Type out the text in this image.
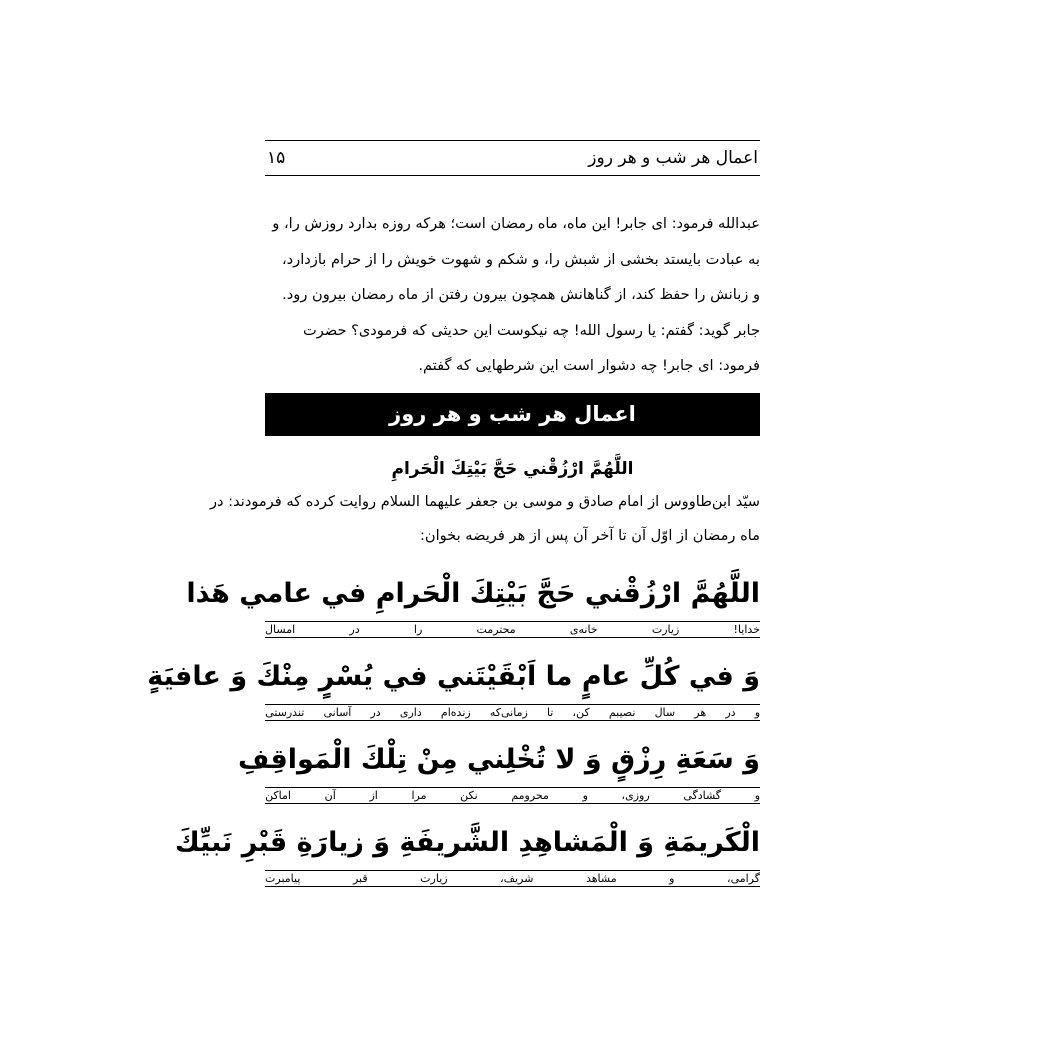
اعمال هر شب و هر روز
۱۵
عبدالله فرمود: ای جابر! این ماه، ماه رمضان است؛ هرکه روزه بدارد روزش را، و
به عبادت بایستد بخشی از شبش را، و شکم و شهوت خویش را از حرام بازدارد،
و زبانش را حفظ کند، از گناهانش همچون بیرون رفتن از ماه رمضان بیرون رود.
جابر گوید: گفتم: یا رسول الله! چه نیکوست این حدیثی که فرمودی؟ حضرت
فرمود: ای جابر! چه دشوار است این شرطهایی که گفتم.
اعمال هر شب و هر روز
اللَّهُمَّ ارْزُقْني حَجَّ بَيْتِكَ الْحَرامِ
سیّد ابن‌طاووس از امام صادق و موسی بن جعفر علیهما السلام روایت کرده که فرمودند: در
ماه رمضان از اوّل آن تا آخر آن پس از هر فریضه بخوان:
اللَّهُمَّ ارْزُقْني حَجَّ بَيْتِكَ الْحَرامِ في عامي هَذا
خدایا!
زیارت
خانه‌ی
محترمت
را
در
امسال
وَ في كُلِّ عامٍ ما اَبْقَيْتَني في يُسْرٍ مِنْكَ وَ عافيَةٍ
و
در
هر
سال
نصیبم
کن،
تا
زمانی‌که
زنده‌ام
داری
در
آسانی
تندرستی
وَ سَعَةِ رِزْقٍ وَ لا تُخْلِني مِنْ تِلْكَ الْمَواقِفِ
و
گشادگی
روزی،
و
محرومم
نکن
مرا
از
آن
اماکن
الْكَريمَةِ وَ الْمَشاهِدِ الشَّريفَةِ وَ زيارَةِ قَبْرِ نَبيِّكَ
گرامی،
و
مشاهد
شریف،
زیارت
قبر
پیامبرت
